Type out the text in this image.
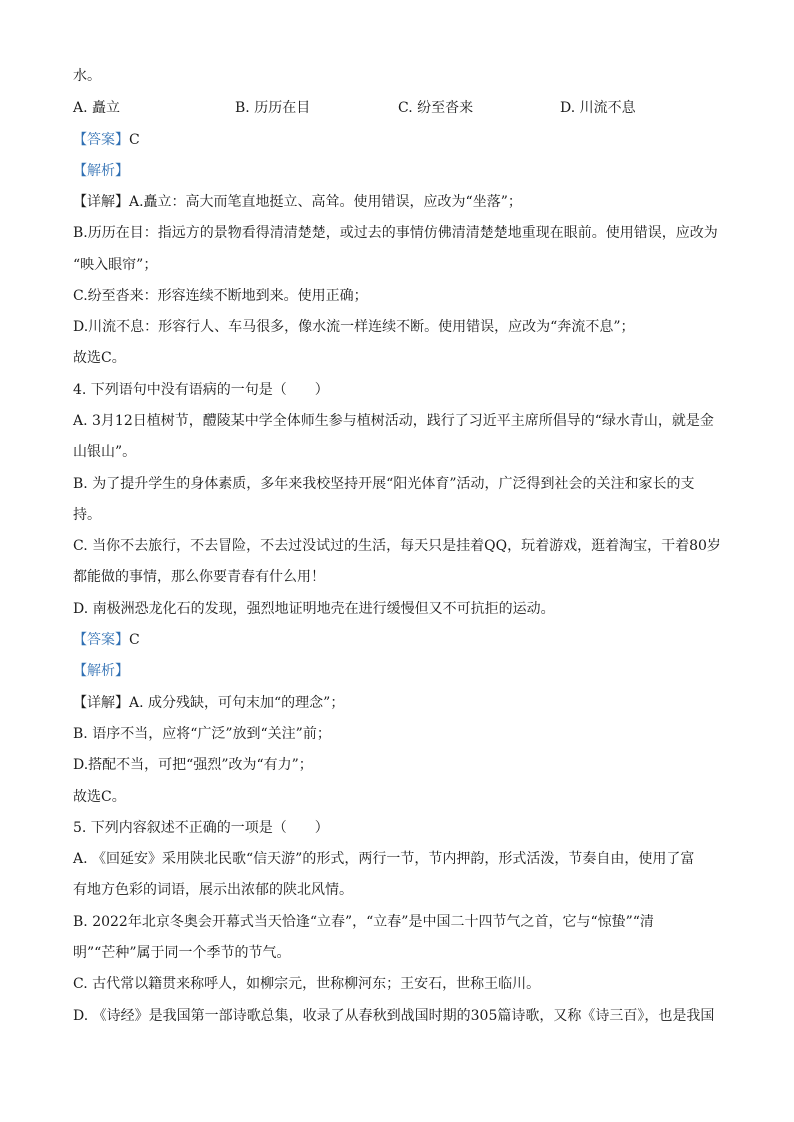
水。
A. 矗立	B. 历历在目	C. 纷至沓来	D. 川流不息
【答案】C
【解析】
【详解】A.矗立：高大而笔直地挺立、高耸。使用错误，应改为“坐落”；
B.历历在目：指远方的景物看得清清楚楚，或过去的事情仿佛清清楚楚地重现在眼前。使用错误，应改为
“映入眼帘”；
C.纷至沓来：形容连续不断地到来。使用正确；
D.川流不息：形容行人、车马很多，像水流一样连续不断。使用错误，应改为“奔流不息”；
故选C。
4. 下列语句中没有语病的一句是（　　）
A. 3月12日植树节，醴陵某中学全体师生参与植树活动，践行了习近平主席所倡导的“绿水青山，就是金
山银山”。
B. 为了提升学生的身体素质，多年来我校坚持开展“阳光体育”活动，广泛得到社会的关注和家长的支
持。
C. 当你不去旅行，不去冒险，不去过没试过的生活，每天只是挂着QQ，玩着游戏，逛着淘宝，干着80岁
都能做的事情，那么你要青春有什么用！
D. 南极洲恐龙化石的发现，强烈地证明地壳在进行缓慢但又不可抗拒的运动。
【答案】C
【解析】
【详解】A. 成分残缺，可句末加“的理念”；
B. 语序不当，应将“广泛”放到“关注”前；
D.搭配不当，可把“强烈”改为“有力”；
故选C。
5. 下列内容叙述不正确的一项是（　　）
A. 《回延安》采用陕北民歌“信天游”的形式，两行一节，节内押韵，形式活泼，节奏自由，使用了富
有地方色彩的词语，展示出浓郁的陕北风情。
B. 2022年北京冬奥会开幕式当天恰逢“立春”，“立春”是中国二十四节气之首，它与“惊蛰”“清
明”“芒种”属于同一个季节的节气。
C. 古代常以籍贯来称呼人，如柳宗元，世称柳河东；王安石，世称王临川。
D. 《诗经》是我国第一部诗歌总集，收录了从春秋到战国时期的305篇诗歌，又称《诗三百》，也是我国
